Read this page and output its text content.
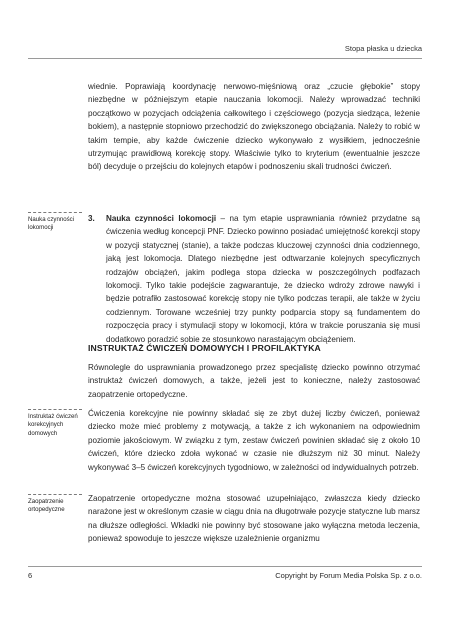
Stopa płaska u dziecka

wiednie. Poprawiają koordynację nerwowo-mięśniową oraz „czucie głębokie” stopy niezbędne w późniejszym etapie nauczania lokomocji. Należy wprowadzać techniki początkowo w pozycjach odciążenia całkowitego i częściowego (pozycja siedząca, leżenie bokiem), a następnie stopniowo przechodzić do zwiększonego obciążania. Należy to robić w takim tempie, aby każde ćwiczenie dziecko wykonywało z wysiłkiem, jednocześnie utrzymując prawidłową korekcję stopy. Właściwie tylko to kryterium (ewentualnie jeszcze ból) decyduje o przejściu do kolejnych etapów i podnoszeniu skali trudności ćwiczeń.

Nauka czynności lokomocji
3. Nauka czynności lokomocji – na tym etapie usprawniania również przydatne są ćwiczenia według koncepcji PNF. Dziecko powinno posiadać umiejętność korekcji stopy w pozycji statycznej (stanie), a także podczas kluczowej czynności dnia codziennego, jaką jest lokomocja. Dlatego niezbędne jest odtwarzanie kolejnych specyficznych rodzajów obciążeń, jakim podlega stopa dziecka w poszczególnych podfazach lokomocji. Tylko takie podejście zagwarantuje, że dziecko wdroży zdrowe nawyki i będzie potrafiło zastosować korekcję stopy nie tylko podczas terapii, ale także w życiu codziennym. Torowane wcześniej trzy punkty podparcia stopy są fundamentem do rozpoczęcia pracy i stymulacji stopy w lokomocji, która w trakcie poruszania się musi dodatkowo poradzić sobie ze stosunkowo narastającym obciążeniem.
INSTRUKTAŻ ĆWICZEŃ DOMOWYCH I PROFILAKTYKA

Równolegle do usprawniania prowadzonego przez specjalistę dziecko powinno otrzymać instruktaż ćwiczeń domowych, a także, jeżeli jest to konieczne, należy zastosować zaopatrzenie ortopedyczne.

Instruktaż ćwiczeń korekcyjnych domowych

Ćwiczenia korekcyjne nie powinny składać się ze zbyt dużej liczby ćwiczeń, ponieważ dziecko może mieć problemy z motywacją, a także z ich wykonaniem na odpowiednim poziomie jakościowym. W związku z tym, zestaw ćwiczeń powinien składać się z około 10 ćwiczeń, które dziecko zdoła wykonać w czasie nie dłuższym niż 30 minut. Należy wykonywać 3–5 ćwiczeń korekcyjnych tygodniowo, w zależności od indywidualnych potrzeb.

Zaopatrzenie ortopedyczne

Zaopatrzenie ortopedyczne można stosować uzupełniająco, zwłaszcza kiedy dziecko narażone jest w określonym czasie w ciągu dnia na długotrwałe pozycje statyczne lub marsz na dłuższe odległości. Wkładki nie powinny być stosowane jako wyłączna metoda leczenia, ponieważ spowoduje to jeszcze większe uzależnienie organizmu

6	Copyright by Forum Media Polska Sp. z o.o.
